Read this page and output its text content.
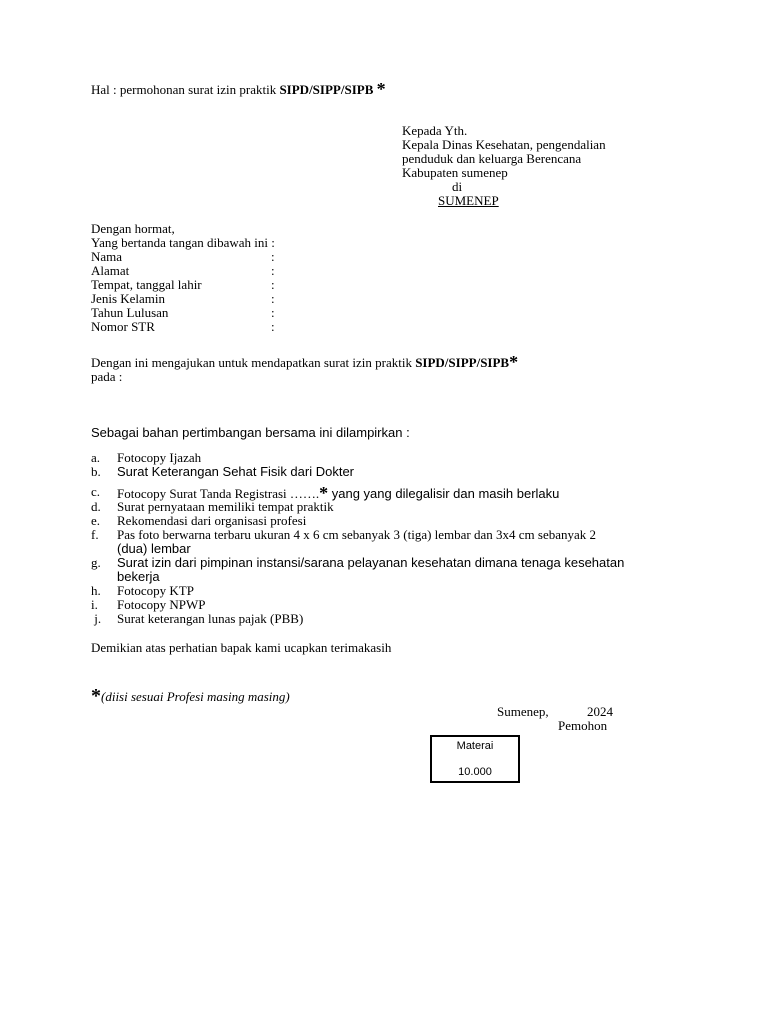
Hal : permohonan surat izin praktik SIPD/SIPP/SIPB *
Kepada Yth.
Kepala Dinas Kesehatan, pengendalian
penduduk dan keluarga Berencana
Kabupaten sumenep
di
SUMENEP
Dengan hormat,
Yang bertanda tangan dibawah ini :
Nama	:
Alamat	:
Tempat, tanggal lahir	:
Jenis Kelamin	:
Tahun Lulusan	:
Nomor STR	:
Dengan ini mengajukan untuk mendapatkan surat izin praktik SIPD/SIPP/SIPB*
pada :
Sebagai bahan pertimbangan bersama ini dilampirkan :
a. Fotocopy Ijazah
b. Surat Keterangan Sehat Fisik dari Dokter
c. Fotocopy Surat Tanda Registrasi …….* yang yang dilegalisir dan masih berlaku
d. Surat pernyataan memiliki tempat praktik
e. Rekomendasi dari organisasi profesi
f. Pas foto berwarna terbaru ukuran 4 x 6 cm sebanyak 3 (tiga) lembar dan 3x4 cm sebanyak 2
(dua) lembar
g. Surat izin dari pimpinan instansi/sarana pelayanan kesehatan dimana tenaga kesehatan
bekerja
h. Fotocopy KTP
i. Fotocopy NPWP
j. Surat keterangan lunas pajak (PBB)
Demikian atas perhatian bapak kami ucapkan terimakasih
*(diisi sesuai Profesi masing masing)
Sumenep,	2024
Pemohon
Materai
10.000
